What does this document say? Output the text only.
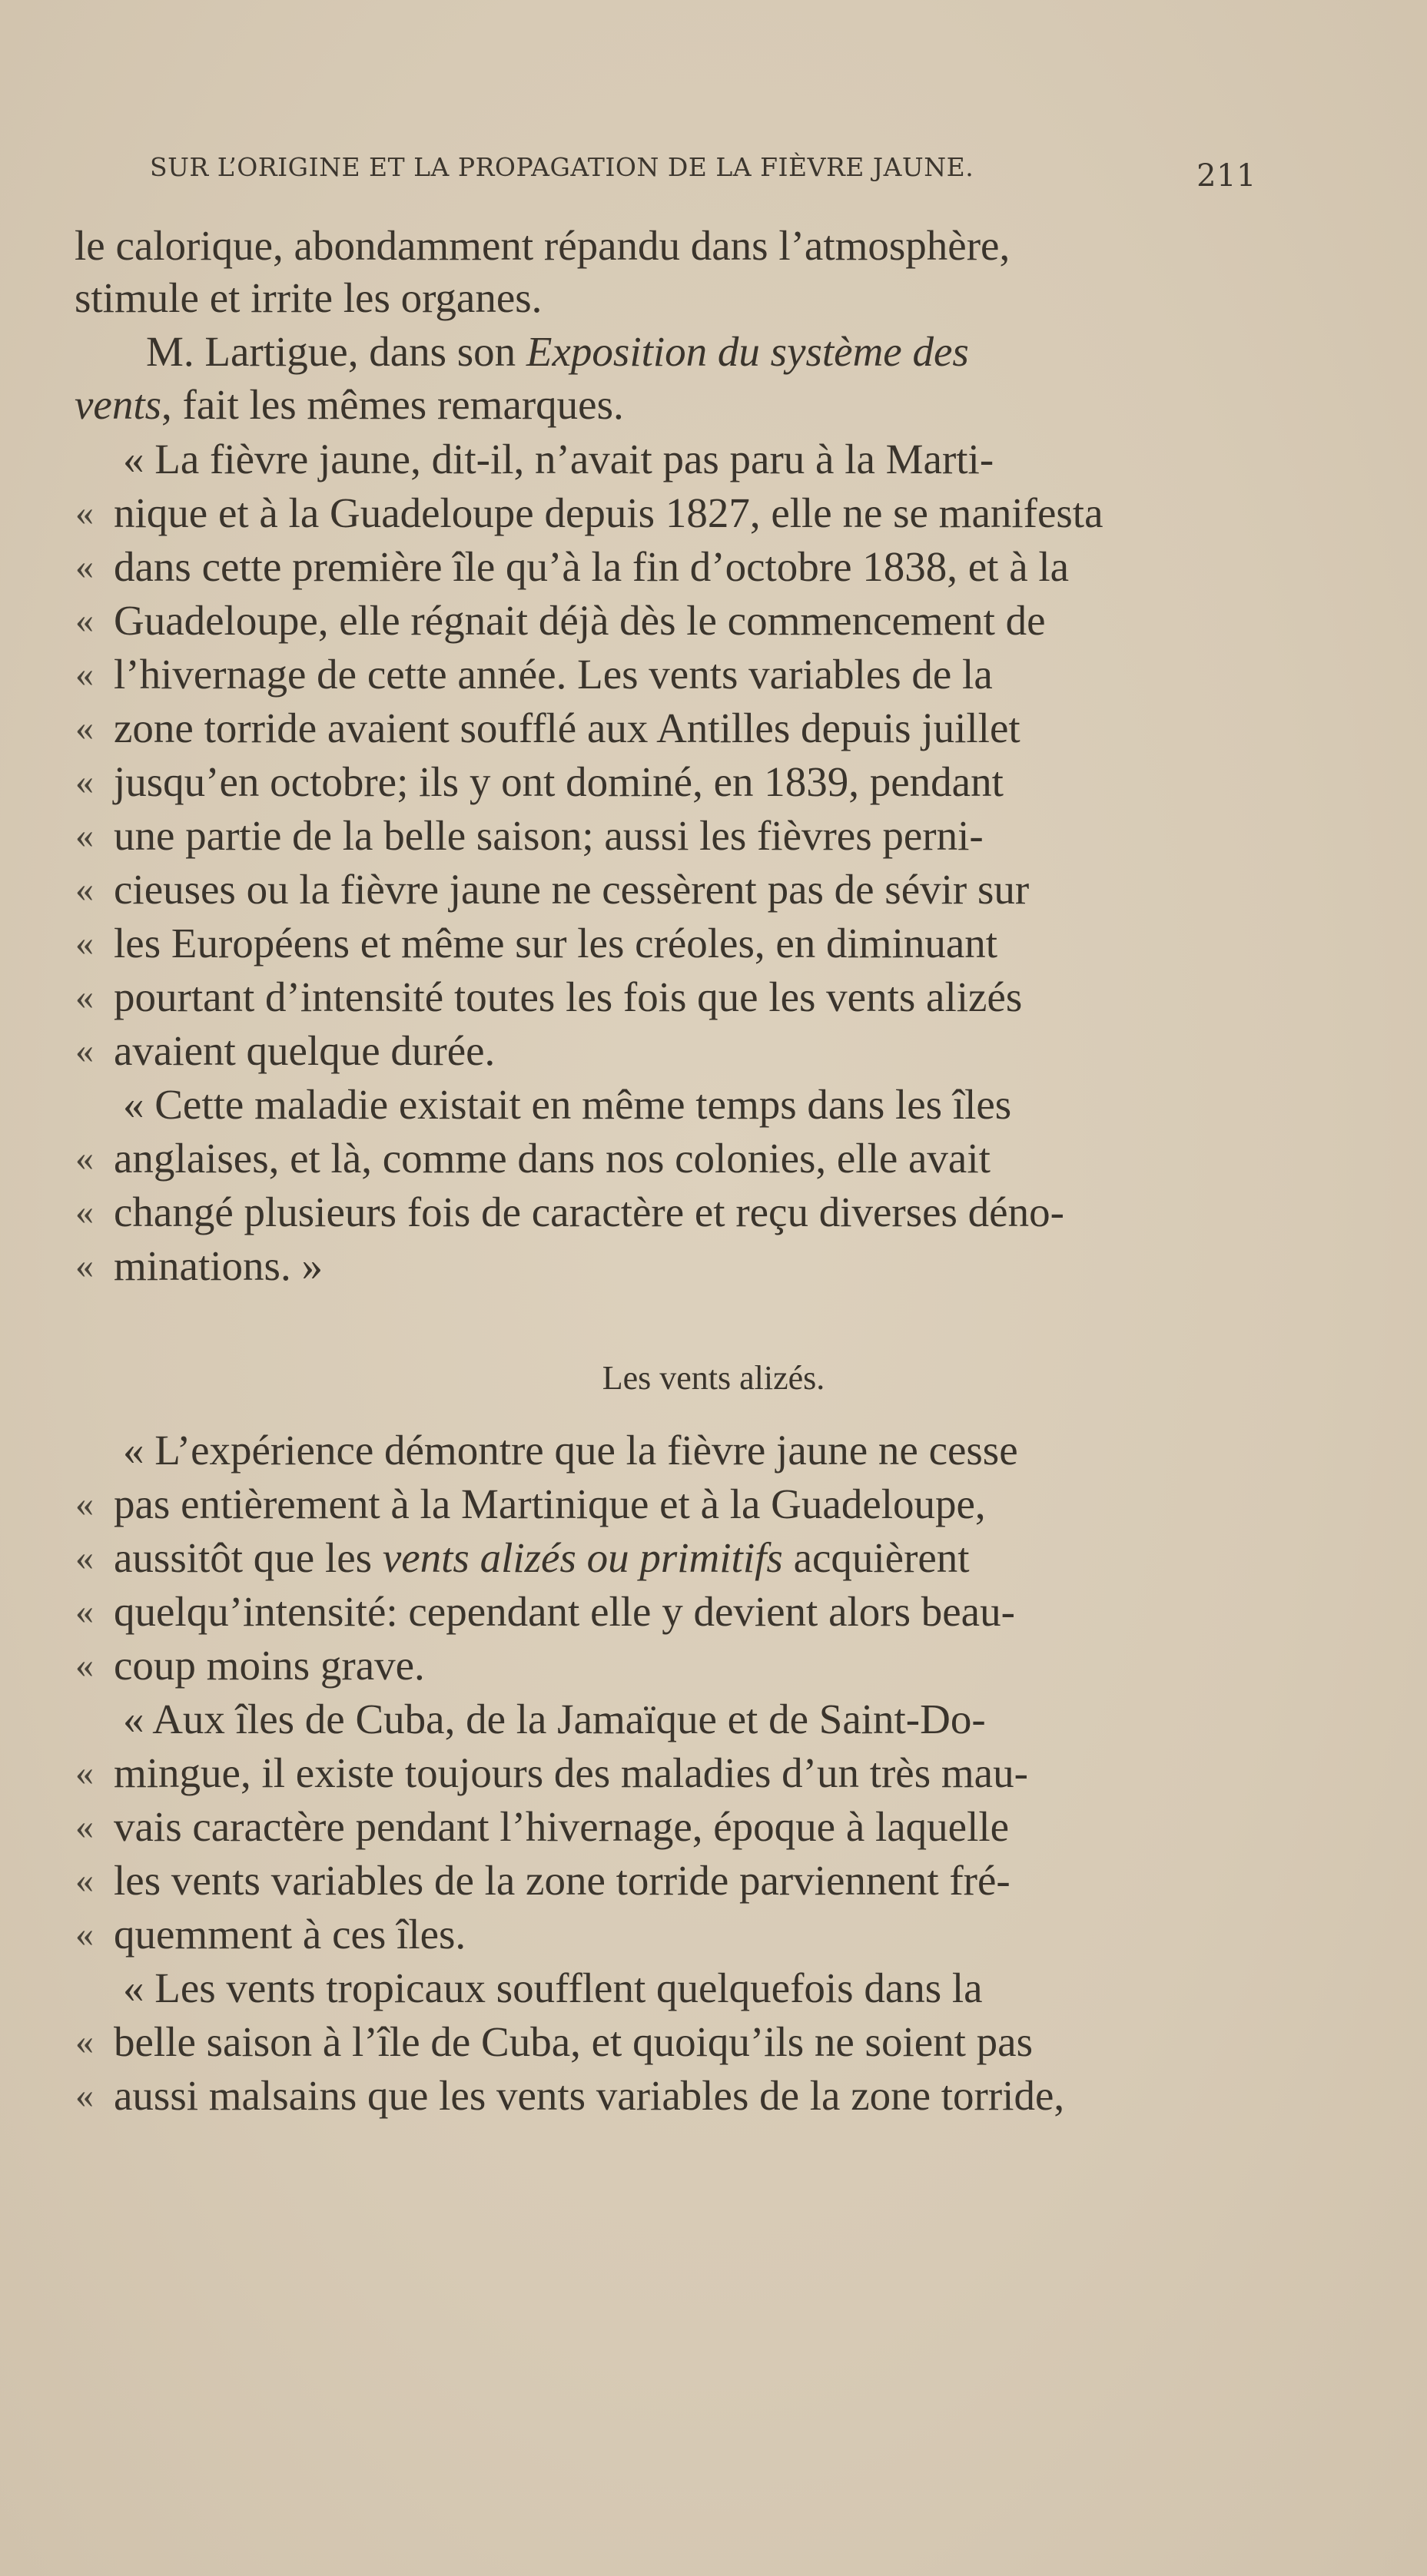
SUR L’ORIGINE ET LA PROPAGATION DE LA FIÈVRE JAUNE.	211
le calorique, abondamment répandu dans l’atmosphère,
stimule et irrite les organes.
M. Lartigue, dans son Exposition du système des
vents, fait les mêmes remarques.
« La fièvre jaune, dit-il, n’avait pas paru à la Marti-
« nique et à la Guadeloupe depuis 1827, elle ne se manifesta
« dans cette première île qu’à la fin d’octobre 1838, et à la
« Guadeloupe, elle régnait déjà dès le commencement de
« l’hivernage de cette année. Les vents variables de la
« zone torride avaient soufflé aux Antilles depuis juillet
« jusqu’en octobre; ils y ont dominé, en 1839, pendant
« une partie de la belle saison; aussi les fièvres perni-
« cieuses ou la fièvre jaune ne cessèrent pas de sévir sur
« les Européens et même sur les créoles, en diminuant
« pourtant d’intensité toutes les fois que les vents alizés
« avaient quelque durée.
« Cette maladie existait en même temps dans les îles
« anglaises, et là, comme dans nos colonies, elle avait
« changé plusieurs fois de caractère et reçu diverses déno-
« minations. »
Les vents alizés.
« L’expérience démontre que la fièvre jaune ne cesse
« pas entièrement à la Martinique et à la Guadeloupe,
« aussitôt que les vents alizés ou primitifs acquièrent
« quelqu’intensité: cependant elle y devient alors beau-
« coup moins grave.
« Aux îles de Cuba, de la Jamaïque et de Saint-Do-
« mingue, il existe toujours des maladies d’un très mau-
« vais caractère pendant l’hivernage, époque à laquelle
« les vents variables de la zone torride parviennent fré-
« quemment à ces îles.
« Les vents tropicaux soufflent quelquefois dans la
« belle saison à l’île de Cuba, et quoiqu’ils ne soient pas
« aussi malsains que les vents variables de la zone torride,
